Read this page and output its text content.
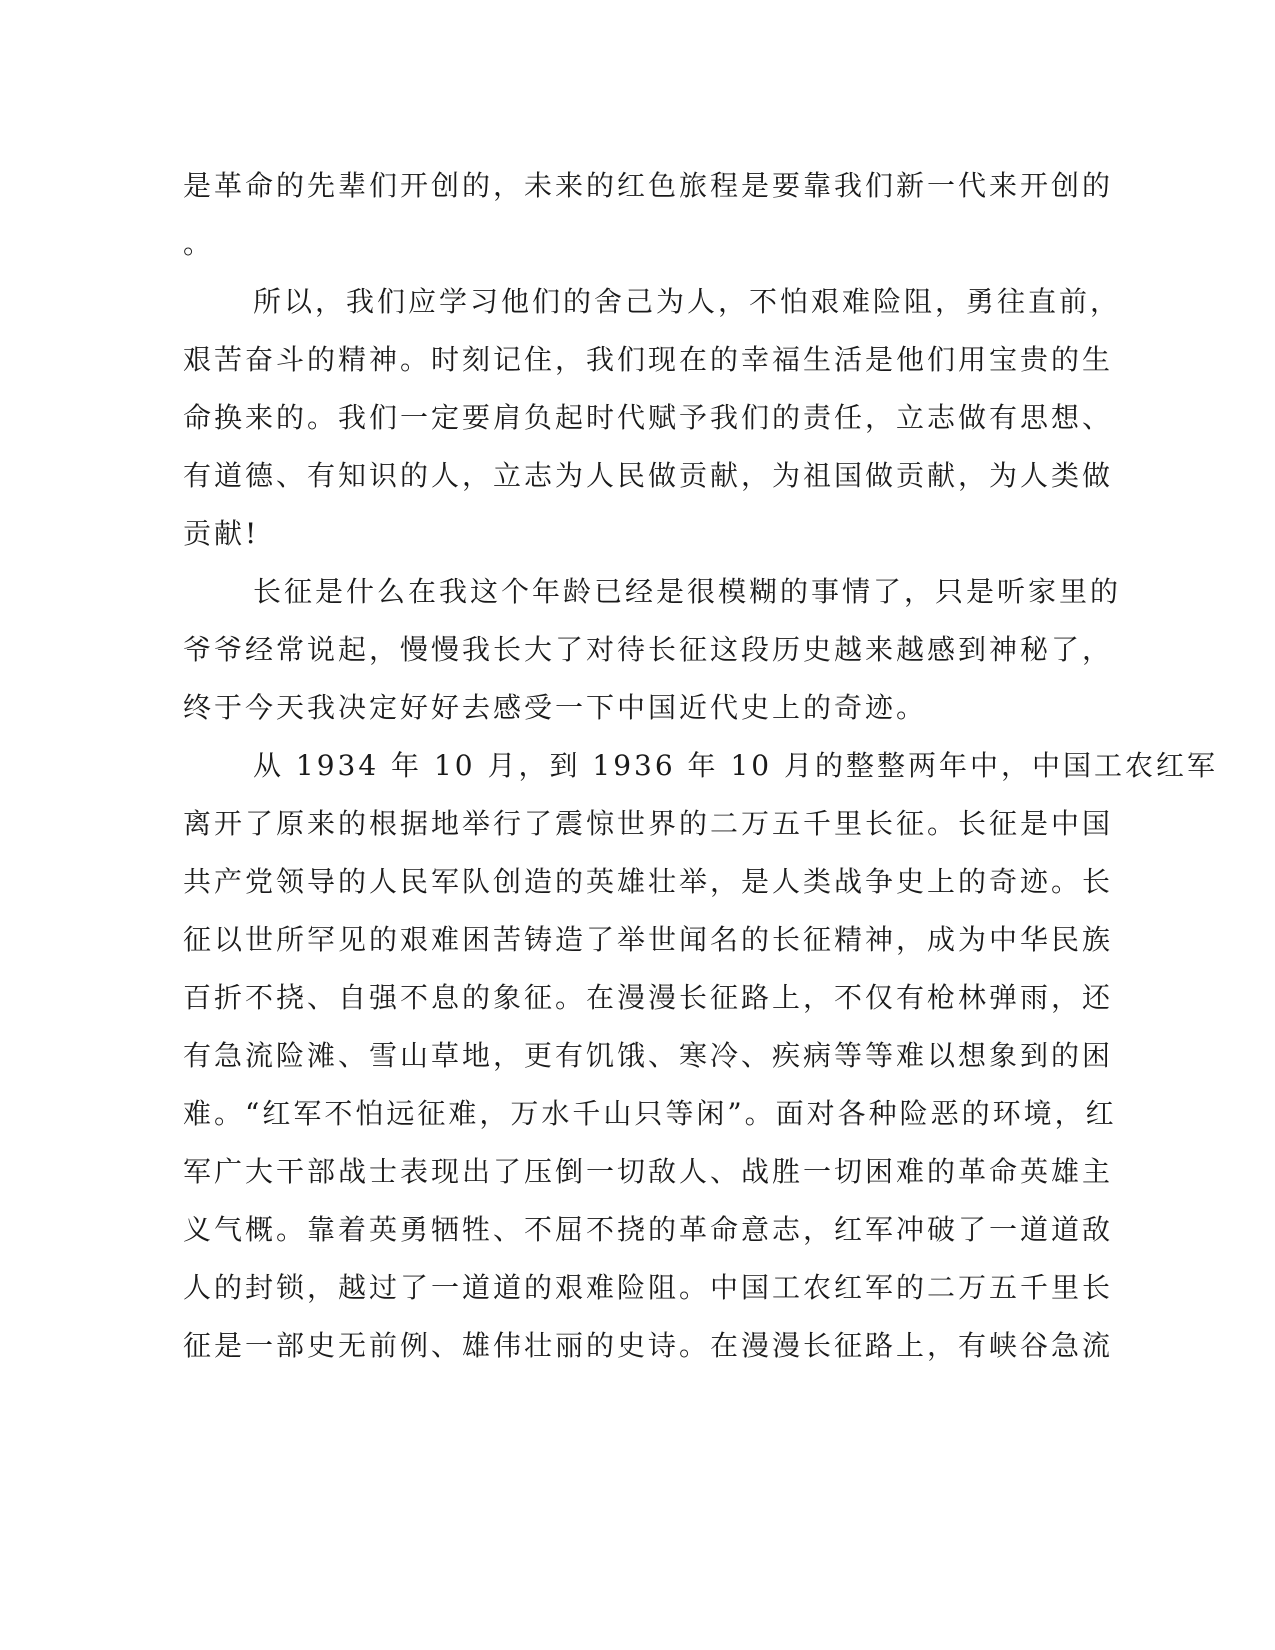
是革命的先辈们开创的，未来的红色旅程是要靠我们新一代来开创的
。
所以，我们应学习他们的舍己为人，不怕艰难险阻，勇往直前，
艰苦奋斗的精神。时刻记住，我们现在的幸福生活是他们用宝贵的生
命换来的。我们一定要肩负起时代赋予我们的责任，立志做有思想、
有道德、有知识的人，立志为人民做贡献，为祖国做贡献，为人类做
贡献!
长征是什么在我这个年龄已经是很模糊的事情了，只是听家里的
爷爷经常说起，慢慢我长大了对待长征这段历史越来越感到神秘了，
终于今天我决定好好去感受一下中国近代史上的奇迹。
从 1934 年 10 月，到 1936 年 10 月的整整两年中，中国工农红军
离开了原来的根据地举行了震惊世界的二万五千里长征。长征是中国
共产党领导的人民军队创造的英雄壮举，是人类战争史上的奇迹。长
征以世所罕见的艰难困苦铸造了举世闻名的长征精神，成为中华民族
百折不挠、自强不息的象征。在漫漫长征路上，不仅有枪林弹雨，还
有急流险滩、雪山草地，更有饥饿、寒冷、疾病等等难以想象到的困
难。“红军不怕远征难，万水千山只等闲”。面对各种险恶的环境，红
军广大干部战士表现出了压倒一切敌人、战胜一切困难的革命英雄主
义气概。靠着英勇牺牲、不屈不挠的革命意志，红军冲破了一道道敌
人的封锁，越过了一道道的艰难险阻。中国工农红军的二万五千里长
征是一部史无前例、雄伟壮丽的史诗。在漫漫长征路上，有峡谷急流
